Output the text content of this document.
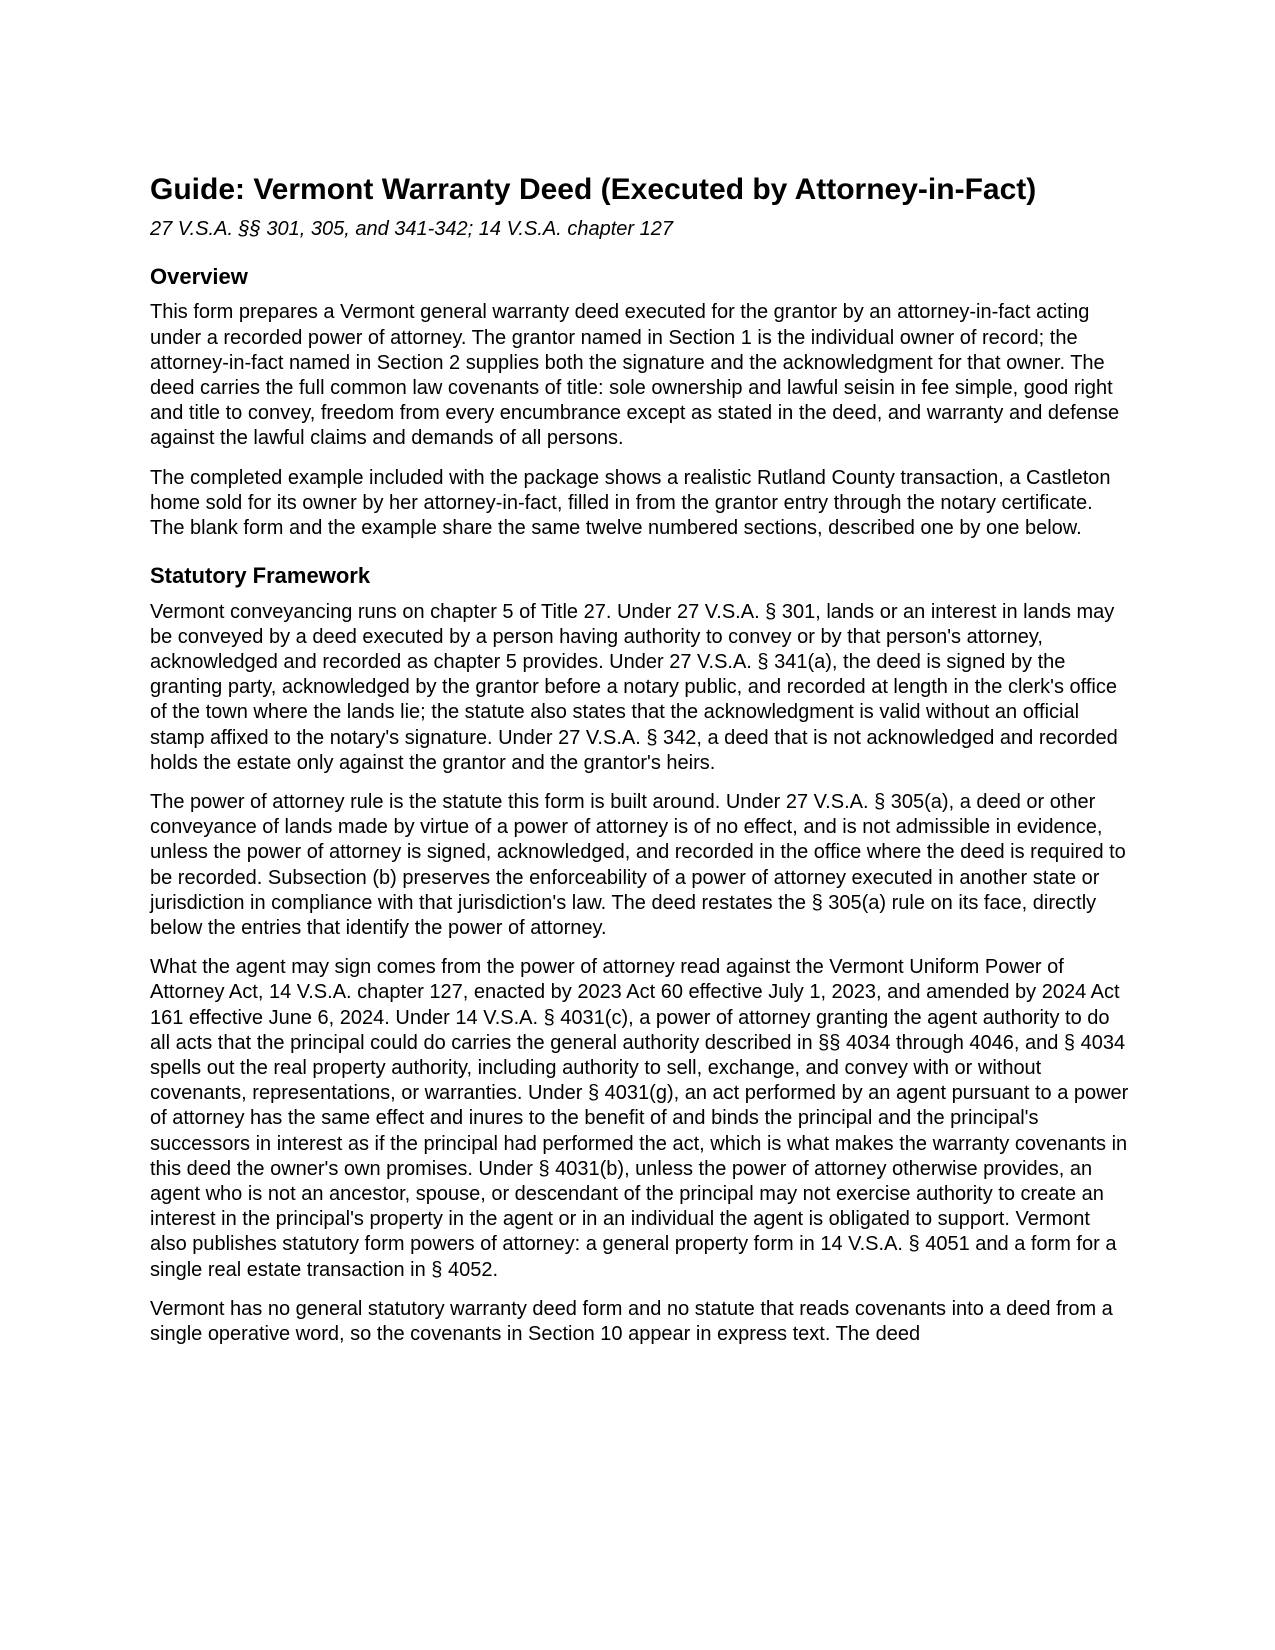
Guide: Vermont Warranty Deed (Executed by Attorney-in-Fact)
27 V.S.A. §§ 301, 305, and 341-342; 14 V.S.A. chapter 127
Overview

This form prepares a Vermont general warranty deed executed for the grantor by an attorney-in-fact acting under a recorded power of attorney. The grantor named in Section 1 is the individual owner of record; the attorney-in-fact named in Section 2 supplies both the signature and the acknowledgment for that owner. The deed carries the full common law covenants of title: sole ownership and lawful seisin in fee simple, good right and title to convey, freedom from every encumbrance except as stated in the deed, and warranty and defense against the lawful claims and demands of all persons.

The completed example included with the package shows a realistic Rutland County transaction, a Castleton home sold for its owner by her attorney-in-fact, filled in from the grantor entry through the notary certificate. The blank form and the example share the same twelve numbered sections, described one by one below.

Statutory Framework

Vermont conveyancing runs on chapter 5 of Title 27. Under 27 V.S.A. § 301, lands or an interest in lands may be conveyed by a deed executed by a person having authority to convey or by that person's attorney, acknowledged and recorded as chapter 5 provides. Under 27 V.S.A. § 341(a), the deed is signed by the granting party, acknowledged by the grantor before a notary public, and recorded at length in the clerk's office of the town where the lands lie; the statute also states that the acknowledgment is valid without an official stamp affixed to the notary's signature. Under 27 V.S.A. § 342, a deed that is not acknowledged and recorded holds the estate only against the grantor and the grantor's heirs.

The power of attorney rule is the statute this form is built around. Under 27 V.S.A. § 305(a), a deed or other conveyance of lands made by virtue of a power of attorney is of no effect, and is not admissible in evidence, unless the power of attorney is signed, acknowledged, and recorded in the office where the deed is required to be recorded. Subsection (b) preserves the enforceability of a power of attorney executed in another state or jurisdiction in compliance with that jurisdiction's law. The deed restates the § 305(a) rule on its face, directly below the entries that identify the power of attorney.

What the agent may sign comes from the power of attorney read against the Vermont Uniform Power of Attorney Act, 14 V.S.A. chapter 127, enacted by 2023 Act 60 effective July 1, 2023, and amended by 2024 Act 161 effective June 6, 2024. Under 14 V.S.A. § 4031(c), a power of attorney granting the agent authority to do all acts that the principal could do carries the general authority described in §§ 4034 through 4046, and § 4034 spells out the real property authority, including authority to sell, exchange, and convey with or without covenants, representations, or warranties. Under § 4031(g), an act performed by an agent pursuant to a power of attorney has the same effect and inures to the benefit of and binds the principal and the principal's successors in interest as if the principal had performed the act, which is what makes the warranty covenants in this deed the owner's own promises. Under § 4031(b), unless the power of attorney otherwise provides, an agent who is not an ancestor, spouse, or descendant of the principal may not exercise authority to create an interest in the principal's property in the agent or in an individual the agent is obligated to support. Vermont also publishes statutory form powers of attorney: a general property form in 14 V.S.A. § 4051 and a form for a single real estate transaction in § 4052.

Vermont has no general statutory warranty deed form and no statute that reads covenants into a deed from a single operative word, so the covenants in Section 10 appear in express text. The deed
